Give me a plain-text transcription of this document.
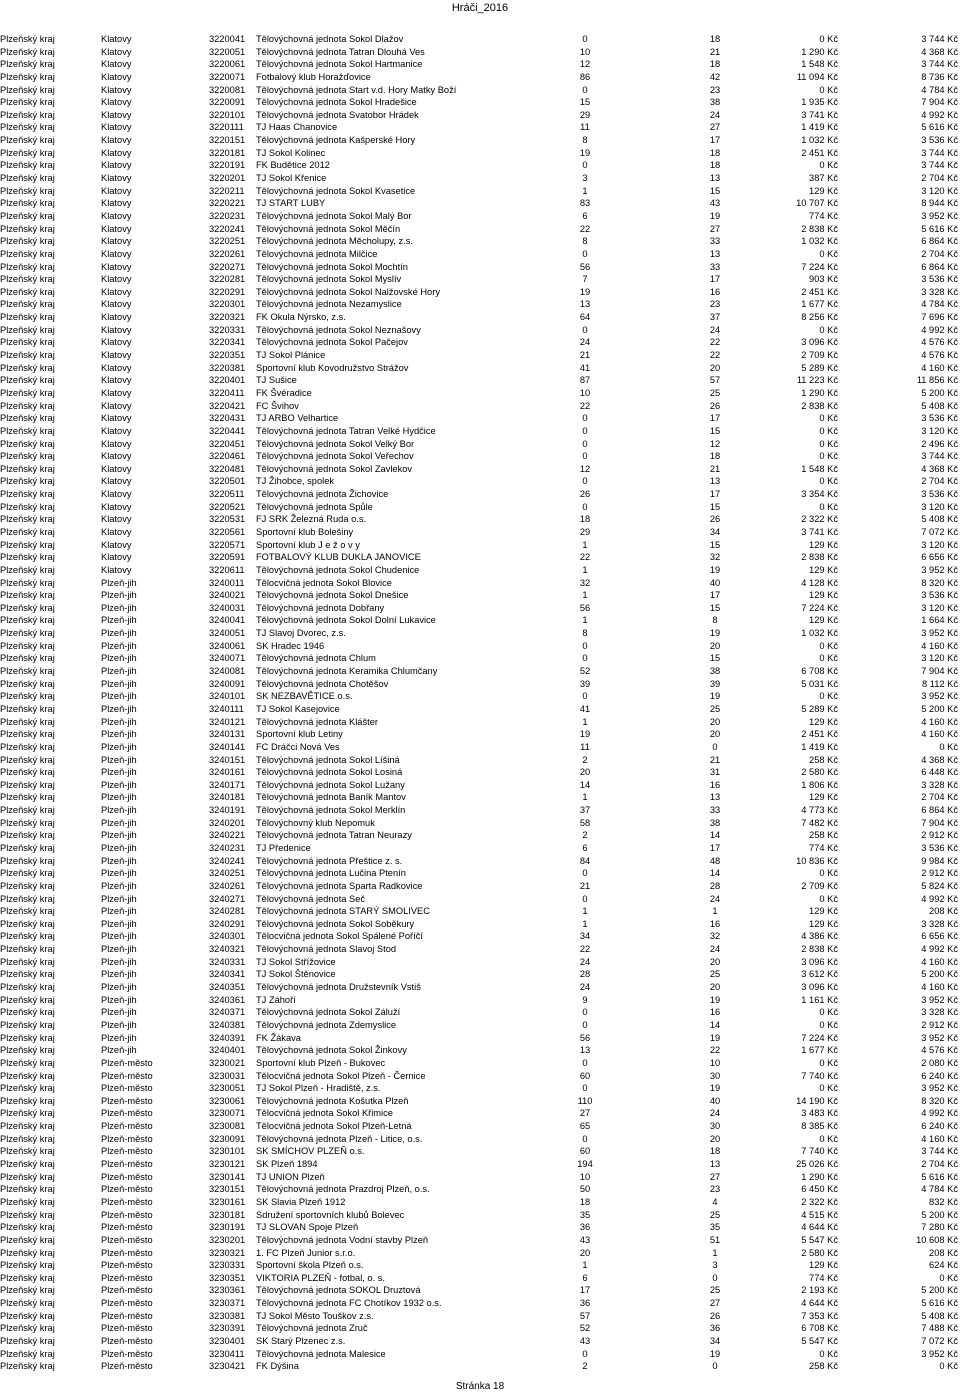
Hráči_2016
Plzeňský kraj	Klatovy	3220041 Tělovýchovná jednota Sokol Dlažov	0	18	0 Kč	3 744 Kč
Plzeňský kraj	Klatovy	3220051 Tělovýchovná jednota Tatran Dlouhá Ves	10	21	1 290 Kč	4 368 Kč
Plzeňský kraj	Klatovy	3220061 Tělovýchovná jednota Sokol Hartmanice	12	18	1 548 Kč	3 744 Kč
Plzeňský kraj	Klatovy	3220071 Fotbalový klub Horažďovice	86	42	11 094 Kč	8 736 Kč
Plzeňský kraj	Klatovy	3220081 Tělovýchovná jednota Start v.d. Hory Matky Boží	0	23	0 Kč	4 784 Kč
Plzeňský kraj	Klatovy	3220091 Tělovýchovná jednota Sokol Hradešice	15	38	1 935 Kč	7 904 Kč
Plzeňský kraj	Klatovy	3220101 Tělovýchovná jednota Svatobor Hrádek	29	24	3 741 Kč	4 992 Kč
Plzeňský kraj	Klatovy	3220111 TJ Haas Chanovice	11	27	1 419 Kč	5 616 Kč
Plzeňský kraj	Klatovy	3220151 Tělovýchovná jednota Kašperské Hory	8	17	1 032 Kč	3 536 Kč
Plzeňský kraj	Klatovy	3220181 TJ Sokol Kolinec	19	18	2 451 Kč	3 744 Kč
Plzeňský kraj	Klatovy	3220191 FK Budětice 2012	0	18	0 Kč	3 744 Kč
Plzeňský kraj	Klatovy	3220201 TJ Sokol Křenice	3	13	387 Kč	2 704 Kč
Plzeňský kraj	Klatovy	3220211 Tělovýchovná jednota Sokol Kvasetice	1	15	129 Kč	3 120 Kč
Plzeňský kraj	Klatovy	3220221 TJ START LUBY	83	43	10 707 Kč	8 944 Kč
Plzeňský kraj	Klatovy	3220231 Tělovýchovná jednota Sokol Malý Bor	6	19	774 Kč	3 952 Kč
Plzeňský kraj	Klatovy	3220241 Tělovýchovná jednota Sokol Měčín	22	27	2 838 Kč	5 616 Kč
Plzeňský kraj	Klatovy	3220251 Tělovýchovná jednota Měcholupy, z.s.	8	33	1 032 Kč	6 864 Kč
Plzeňský kraj	Klatovy	3220261 Tělovýchovná jednota Milčice	0	13	0 Kč	2 704 Kč
Plzeňský kraj	Klatovy	3220271 Tělovýchovná jednota Sokol Mochtín	56	33	7 224 Kč	6 864 Kč
Plzeňský kraj	Klatovy	3220281 Tělovýchovná jednota Sokol Myslív	7	17	903 Kč	3 536 Kč
Plzeňský kraj	Klatovy	3220291 Tělovýchovná jednota Sokol Nalžovské Hory	19	16	2 451 Kč	3 328 Kč
Plzeňský kraj	Klatovy	3220301 Tělovýchovná jednota Nezamyslice	13	23	1 677 Kč	4 784 Kč
Plzeňský kraj	Klatovy	3220321 FK Okula Nýrsko, z.s.	64	37	8 256 Kč	7 696 Kč
Plzeňský kraj	Klatovy	3220331 Tělovýchovná jednota Sokol Neznašovy	0	24	0 Kč	4 992 Kč
Plzeňský kraj	Klatovy	3220341 Tělovýchovná jednota Sokol Pačejov	24	22	3 096 Kč	4 576 Kč
Plzeňský kraj	Klatovy	3220351 TJ Sokol Plánice	21	22	2 709 Kč	4 576 Kč
Plzeňský kraj	Klatovy	3220381 Sportovní klub Kovodružstvo Strážov	41	20	5 289 Kč	4 160 Kč
Plzeňský kraj	Klatovy	3220401 TJ Sušice	87	57	11 223 Kč	11 856 Kč
Plzeňský kraj	Klatovy	3220411 FK Švéradice	10	25	1 290 Kč	5 200 Kč
Plzeňský kraj	Klatovy	3220421 FC Švihov	22	26	2 838 Kč	5 408 Kč
Plzeňský kraj	Klatovy	3220431 TJ ARBO Velhartice	0	17	0 Kč	3 536 Kč
Plzeňský kraj	Klatovy	3220441 Tělovýchovná jednota Tatran Velké Hydčice	0	15	0 Kč	3 120 Kč
Plzeňský kraj	Klatovy	3220451 Tělovýchovná jednota Sokol Velký Bor	0	12	0 Kč	2 496 Kč
Plzeňský kraj	Klatovy	3220461 Tělovýchovná jednota Sokol Veřechov	0	18	0 Kč	3 744 Kč
Plzeňský kraj	Klatovy	3220481 Tělovýchovná jednota Sokol Zavlekov	12	21	1 548 Kč	4 368 Kč
Plzeňský kraj	Klatovy	3220501 TJ Žihobce, spolek	0	13	0 Kč	2 704 Kč
Plzeňský kraj	Klatovy	3220511 Tělovýchovná jednota Žichovice	26	17	3 354 Kč	3 536 Kč
Plzeňský kraj	Klatovy	3220521 Tělovýchovná jednota Spůle	0	15	0 Kč	3 120 Kč
Plzeňský kraj	Klatovy	3220531 FJ SRK Železná Ruda o.s.	18	26	2 322 Kč	5 408 Kč
Plzeňský kraj	Klatovy	3220561 Sportovní klub Bolešiny	29	34	3 741 Kč	7 072 Kč
Plzeňský kraj	Klatovy	3220571 Sportovní klub J e ž o v y	1	15	129 Kč	3 120 Kč
Plzeňský kraj	Klatovy	3220591 FOTBALOVÝ KLUB DUKLA JANOVICE	22	32	2 838 Kč	6 656 Kč
Plzeňský kraj	Klatovy	3220611 Tělovýchovná jednota Sokol Chudenice	1	19	129 Kč	3 952 Kč
Plzeňský kraj	Plzeň-jih	3240011 Tělocvičná jednota Sokol Blovice	32	40	4 128 Kč	8 320 Kč
Plzeňský kraj	Plzeň-jih	3240021 Tělovýchovná jednota Sokol Dnešice	1	17	129 Kč	3 536 Kč
Plzeňský kraj	Plzeň-jih	3240031 Tělovýchovná jednota Dobřany	56	15	7 224 Kč	3 120 Kč
Plzeňský kraj	Plzeň-jih	3240041 Tělovýchovná jednota Sokol Dolní Lukavice	1	8	129 Kč	1 664 Kč
Plzeňský kraj	Plzeň-jih	3240051 TJ Slavoj Dvorec, z.s.	8	19	1 032 Kč	3 952 Kč
Plzeňský kraj	Plzeň-jih	3240061 SK Hradec 1946	0	20	0 Kč	4 160 Kč
Plzeňský kraj	Plzeň-jih	3240071 Tělovýchovná jednota Chlum	0	15	0 Kč	3 120 Kč
Plzeňský kraj	Plzeň-jih	3240081 Tělovýchovná jednota Keramika Chlumčany	52	38	6 708 Kč	7 904 Kč
Plzeňský kraj	Plzeň-jih	3240091 Tělovýchovná jednota Chotěšov	39	39	5 031 Kč	8 112 Kč
Plzeňský kraj	Plzeň-jih	3240101 SK NEZBAVĚTICE o.s.	0	19	0 Kč	3 952 Kč
Plzeňský kraj	Plzeň-jih	3240111 TJ Sokol Kasejovice	41	25	5 289 Kč	5 200 Kč
Plzeňský kraj	Plzeň-jih	3240121 Tělovýchovná jednota Klášter	1	20	129 Kč	4 160 Kč
Plzeňský kraj	Plzeň-jih	3240131 Sportovní klub Letiny	19	20	2 451 Kč	4 160 Kč
Plzeňský kraj	Plzeň-jih	3240141 FC Dráčci Nová Ves	11	0	1 419 Kč	0 Kč
Plzeňský kraj	Plzeň-jih	3240151 Tělovýchovná jednota Sokol Líšiná	2	21	258 Kč	4 368 Kč
Plzeňský kraj	Plzeň-jih	3240161 Tělovýchovná jednota Sokol Losiná	20	31	2 580 Kč	6 448 Kč
Plzeňský kraj	Plzeň-jih	3240171 Tělovýchovná jednota Sokol Lužany	14	16	1 806 Kč	3 328 Kč
Plzeňský kraj	Plzeň-jih	3240181 Tělovýchovná jednota Baník Mantov	1	13	129 Kč	2 704 Kč
Plzeňský kraj	Plzeň-jih	3240191 Tělovýchovná jednota Sokol Merklín	37	33	4 773 Kč	6 864 Kč
Plzeňský kraj	Plzeň-jih	3240201 Tělovýchovný klub Nepomuk	58	38	7 482 Kč	7 904 Kč
Plzeňský kraj	Plzeň-jih	3240221 Tělovýchovná jednota Tatran Neurazy	2	14	258 Kč	2 912 Kč
Plzeňský kraj	Plzeň-jih	3240231 TJ Předenice	6	17	774 Kč	3 536 Kč
Plzeňský kraj	Plzeň-jih	3240241 Tělovýchovná jednota Přeštice z. s.	84	48	10 836 Kč	9 984 Kč
Plzeňský kraj	Plzeň-jih	3240251 Tělovýchovná jednota Lučina Ptenín	0	14	0 Kč	2 912 Kč
Plzeňský kraj	Plzeň-jih	3240261 Tělovýchovná jednota Sparta Radkovice	21	28	2 709 Kč	5 824 Kč
Plzeňský kraj	Plzeň-jih	3240271 Tělovýchovná jednota Seč	0	24	0 Kč	4 992 Kč
Plzeňský kraj	Plzeň-jih	3240281 Tělovýchovná jednota STARÝ SMOLIVEC	1	1	129 Kč	208 Kč
Plzeňský kraj	Plzeň-jih	3240291 Tělovýchovná jednota Sokol Soběkury	1	16	129 Kč	3 328 Kč
Plzeňský kraj	Plzeň-jih	3240301 Tělocvičná jednota Sokol Spálené Poříčí	34	32	4 386 Kč	6 656 Kč
Plzeňský kraj	Plzeň-jih	3240321 Tělovýchovná jednota Slavoj Stod	22	24	2 838 Kč	4 992 Kč
Plzeňský kraj	Plzeň-jih	3240331 TJ Sokol Střížovice	24	20	3 096 Kč	4 160 Kč
Plzeňský kraj	Plzeň-jih	3240341 TJ Sokol Štěnovice	28	25	3 612 Kč	5 200 Kč
Plzeňský kraj	Plzeň-jih	3240351 Tělovýchovná jednota Družstevník Vstiš	24	20	3 096 Kč	4 160 Kč
Plzeňský kraj	Plzeň-jih	3240361 TJ Záhoří	9	19	1 161 Kč	3 952 Kč
Plzeňský kraj	Plzeň-jih	3240371 Tělovýchovná jednota Sokol Záluží	0	16	0 Kč	3 328 Kč
Plzeňský kraj	Plzeň-jih	3240381 Tělovýchovná jednota Zdemyslice	0	14	0 Kč	2 912 Kč
Plzeňský kraj	Plzeň-jih	3240391 FK Žákava	56	19	7 224 Kč	3 952 Kč
Plzeňský kraj	Plzeň-jih	3240401 Tělovýchovná jednota Sokol Žinkovy	13	22	1 677 Kč	4 576 Kč
Plzeňský kraj	Plzeň-město	3230021 Sportovní klub Plzeň - Bukovec	0	10	0 Kč	2 080 Kč
Plzeňský kraj	Plzeň-město	3230031 Tělocvičná jednota Sokol Plzeň - Černice	60	30	7 740 Kč	6 240 Kč
Plzeňský kraj	Plzeň-město	3230051 TJ Sokol Plzeň - Hradiště, z.s.	0	19	0 Kč	3 952 Kč
Plzeňský kraj	Plzeň-město	3230061 Tělovýchovná jednota Košutka Plzeň	110	40	14 190 Kč	8 320 Kč
Plzeňský kraj	Plzeň-město	3230071 Tělocvičná jednota Sokol Křimice	27	24	3 483 Kč	4 992 Kč
Plzeňský kraj	Plzeň-město	3230081 Tělocvičná jednota Sokol Plzeň-Letná	65	30	8 385 Kč	6 240 Kč
Plzeňský kraj	Plzeň-město	3230091 Tělovýchovná jednota Plzeň - Litice, o.s.	0	20	0 Kč	4 160 Kč
Plzeňský kraj	Plzeň-město	3230101 SK SMÍCHOV PLZEŇ o.s.	60	18	7 740 Kč	3 744 Kč
Plzeňský kraj	Plzeň-město	3230121 SK Plzeň 1894	194	13	25 026 Kč	2 704 Kč
Plzeňský kraj	Plzeň-město	3230141 TJ UNION Plzeň	10	27	1 290 Kč	5 616 Kč
Plzeňský kraj	Plzeň-město	3230151 Tělovýchovná jednota Prazdroj Plzeň, o.s.	50	23	6 450 Kč	4 784 Kč
Plzeňský kraj	Plzeň-město	3230161 SK Slavia Plzeň 1912	18	4	2 322 Kč	832 Kč
Plzeňský kraj	Plzeň-město	3230181 Sdružení sportovních klubů Bolevec	35	25	4 515 Kč	5 200 Kč
Plzeňský kraj	Plzeň-město	3230191 TJ SLOVAN Spoje Plzeň	36	35	4 644 Kč	7 280 Kč
Plzeňský kraj	Plzeň-město	3230201 Tělovýchovná jednota Vodní stavby Plzeň	43	51	5 547 Kč	10 608 Kč
Plzeňský kraj	Plzeň-město	3230321 1. FC Plzeň Junior s.r.o.	20	1	2 580 Kč	208 Kč
Plzeňský kraj	Plzeň-město	3230331 Sportovní škola Plzeň o.s.	1	3	129 Kč	624 Kč
Plzeňský kraj	Plzeň-město	3230351 VIKTORIA PLZEŇ - fotbal, o. s.	6	0	774 Kč	0 Kč
Plzeňský kraj	Plzeň-město	3230361 Tělovýchovná jednota SOKOL Druztová	17	25	2 193 Kč	5 200 Kč
Plzeňský kraj	Plzeň-město	3230371 Tělovýchovná jednota FC Chotíkov 1932 o.s.	36	27	4 644 Kč	5 616 Kč
Plzeňský kraj	Plzeň-město	3230381 TJ Sokol Město Touškov z.s.	57	26	7 353 Kč	5 408 Kč
Plzeňský kraj	Plzeň-město	3230391 Tělovýchovná jednota Zruč	52	36	6 708 Kč	7 488 Kč
Plzeňský kraj	Plzeň-město	3230401 SK Starý Plzenec z.s.	43	34	5 547 Kč	7 072 Kč
Plzeňský kraj	Plzeň-město	3230411 Tělovýchovná jednota Malesice	0	19	0 Kč	3 952 Kč
Plzeňský kraj	Plzeň-město	3230421 FK Dýšina	2	0	258 Kč	0 Kč
Stránka 18
